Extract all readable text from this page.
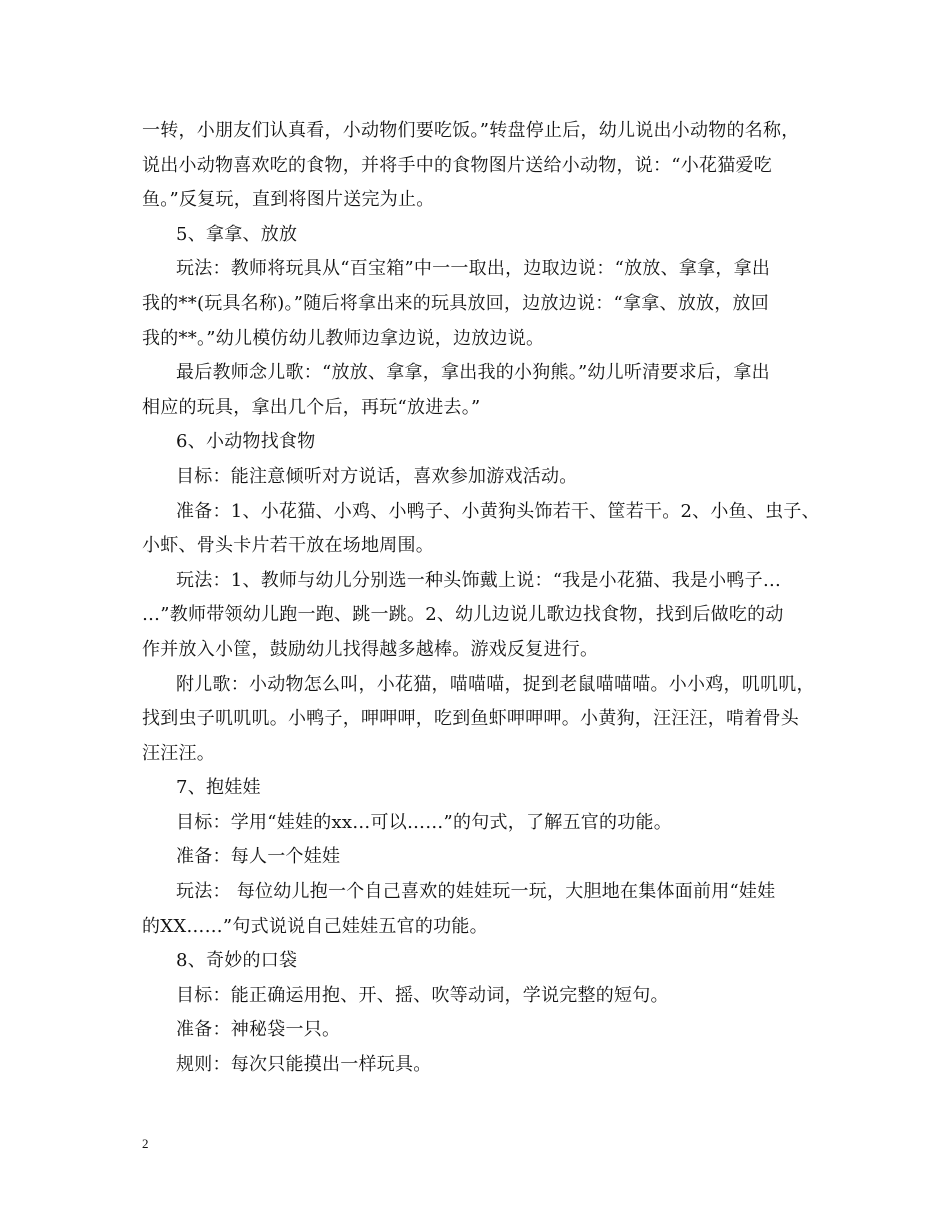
一转，小朋友们认真看，小动物们要吃饭。”转盘停止后，幼儿说出小动物的名称，
说出小动物喜欢吃的食物，并将手中的食物图片送给小动物，说：“小花猫爱吃
鱼。”反复玩，直到将图片送完为止。
5、拿拿、放放
玩法：教师将玩具从“百宝箱”中一一取出，边取边说：“放放、拿拿，拿出
我的**(玩具名称)。”随后将拿出来的玩具放回，边放边说：“拿拿、放放，放回
我的**。”幼儿模仿幼儿教师边拿边说，边放边说。
最后教师念儿歌：“放放、拿拿，拿出我的小狗熊。”幼儿听清要求后，拿出
相应的玩具，拿出几个后，再玩“放进去。”
6、小动物找食物
目标：能注意倾听对方说话，喜欢参加游戏活动。
准备：1、小花猫、小鸡、小鸭子、小黄狗头饰若干、筐若干。2、小鱼、虫子、
小虾、骨头卡片若干放在场地周围。
玩法：1、教师与幼儿分别选一种头饰戴上说：“我是小花猫、我是小鸭子…
…”教师带领幼儿跑一跑、跳一跳。2、幼儿边说儿歌边找食物，找到后做吃的动
作并放入小筐，鼓励幼儿找得越多越棒。游戏反复进行。
附儿歌：小动物怎么叫，小花猫，喵喵喵，捉到老鼠喵喵喵。小小鸡，叽叽叽，
找到虫子叽叽叽。小鸭子，呷呷呷，吃到鱼虾呷呷呷。小黄狗，汪汪汪，啃着骨头
汪汪汪。
7、抱娃娃
目标：学用“娃娃的xx…可以……”的句式，了解五官的功能。
准备：每人一个娃娃
玩法： 每位幼儿抱一个自己喜欢的娃娃玩一玩，大胆地在集体面前用“娃娃
的XX……”句式说说自己娃娃五官的功能。
8、奇妙的口袋
目标：能正确运用抱、开、摇、吹等动词，学说完整的短句。
准备：神秘袋一只。
规则：每次只能摸出一样玩具。
2
